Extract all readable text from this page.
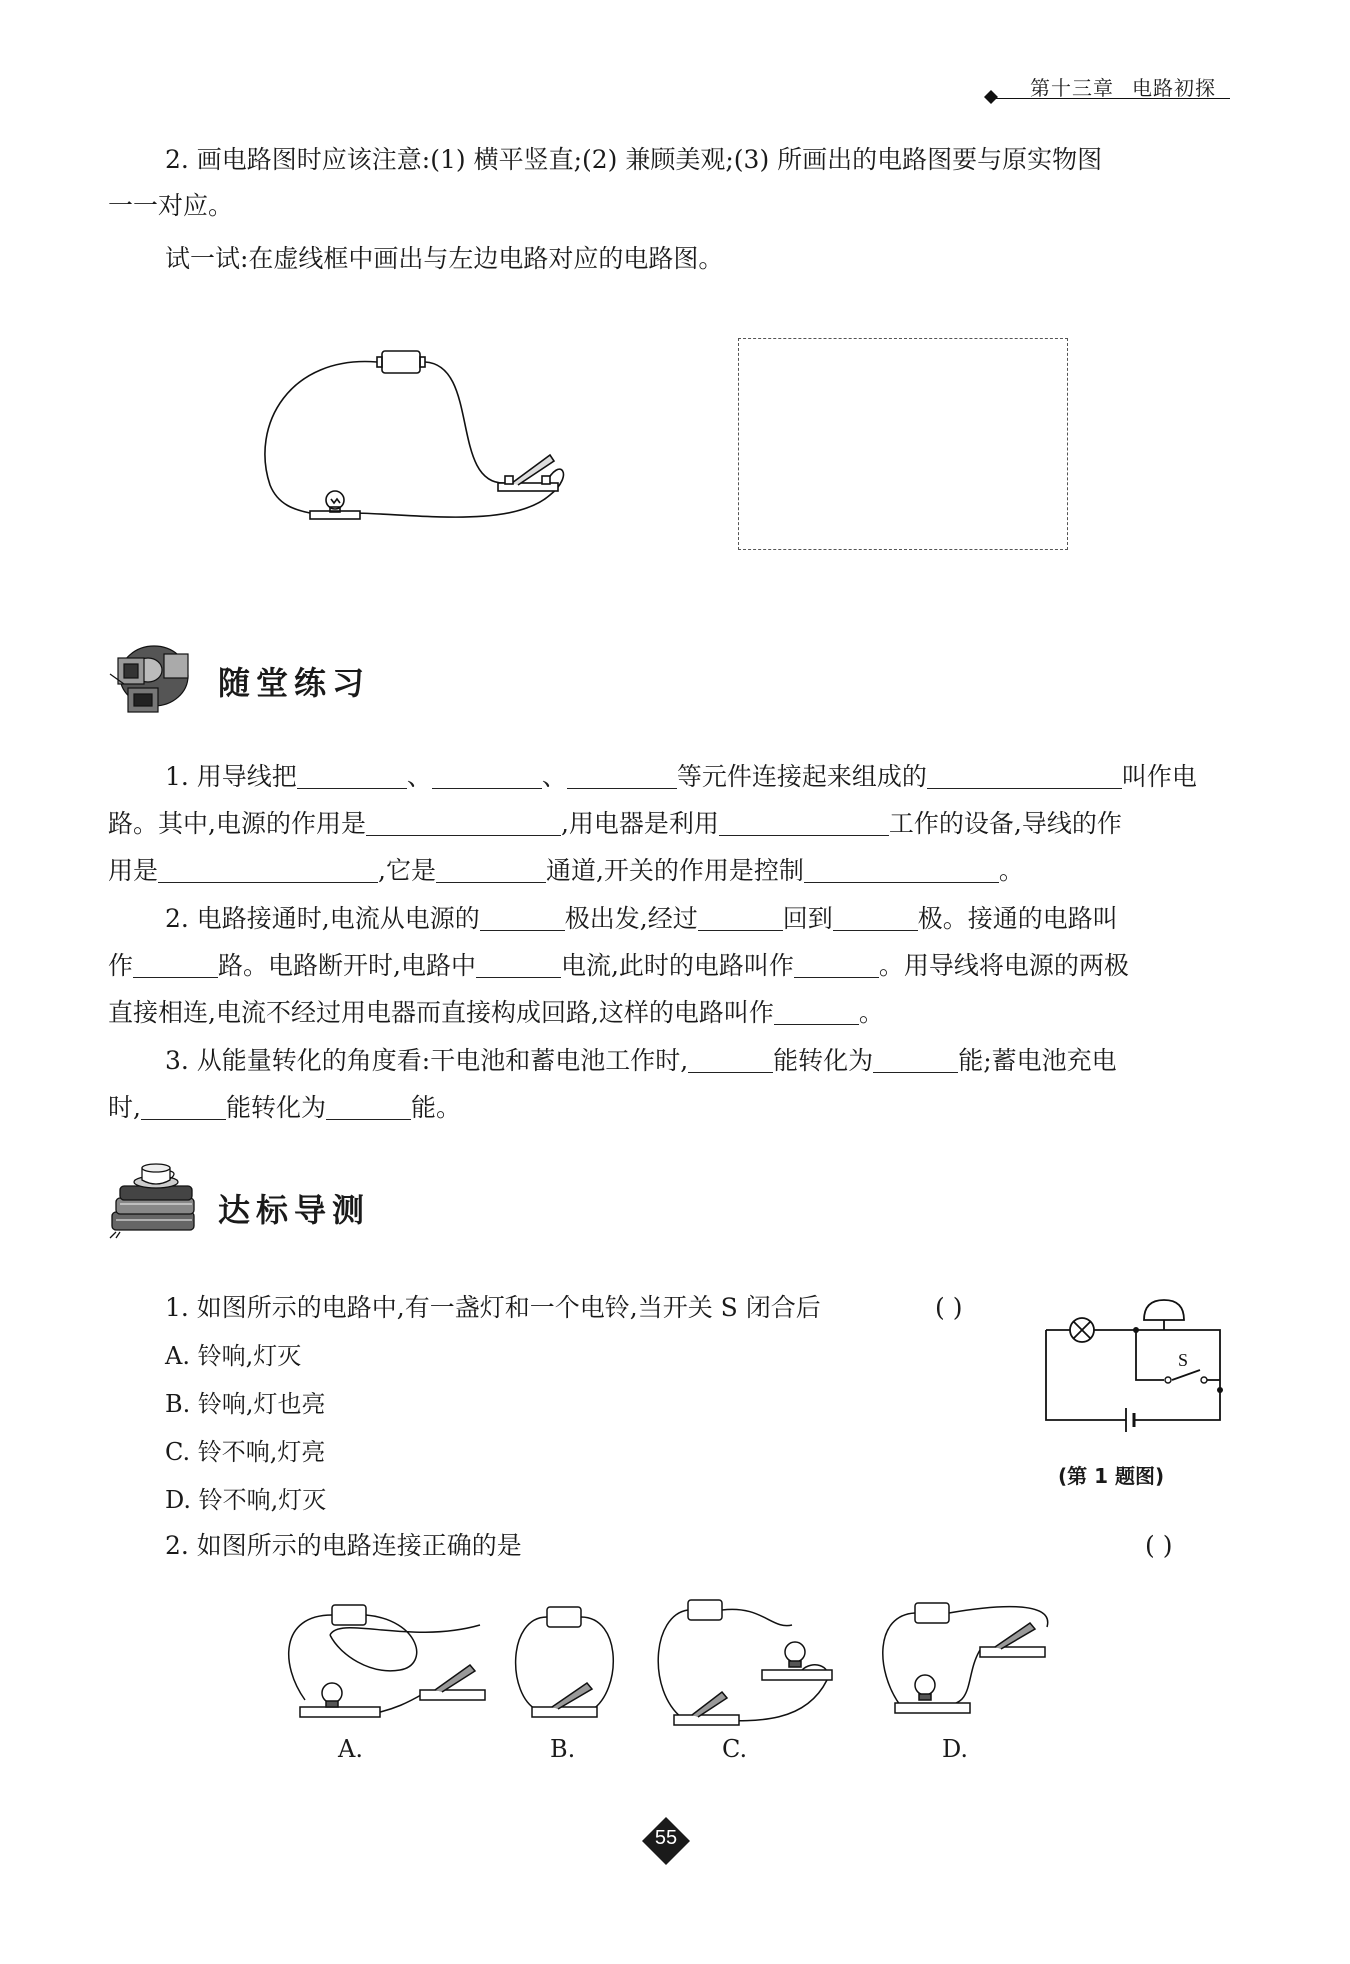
第十三章 电路初探
2. 画电路图时应该注意:(1) 横平竖直;(2) 兼顾美观;(3) 所画出的电路图要与原实物图
一一对应。
试一试:在虚线框中画出与左边电路对应的电路图。
随堂练习
1. 用导线把	、	、	等元件连接起来组成的	叫作电
路。其中,电源的作用是	,用电器是利用	工作的设备,导线的作
用是	,它是	通道,开关的作用是控制	。
2. 电路接通时,电流从电源的	极出发,经过	回到	极。接通的电路叫
作	路。电路断开时,电路中	电流,此时的电路叫作	。用导线将电源的两极
直接相连,电流不经过用电器而直接构成回路,这样的电路叫作	。
3. 从能量转化的角度看:干电池和蓄电池工作时,	能转化为	能;蓄电池充电
时,	能转化为	能。
达标导测
1. 如图所示的电路中,有一盏灯和一个电铃,当开关 S 闭合后	( )
A. 铃响,灯灭
B. 铃响,灯也亮
C. 铃不响,灯亮
D. 铃不响,灯灭
S
(第 1 题图)
2. 如图所示的电路连接正确的是	( )
A.	B.	C.	D.
55
